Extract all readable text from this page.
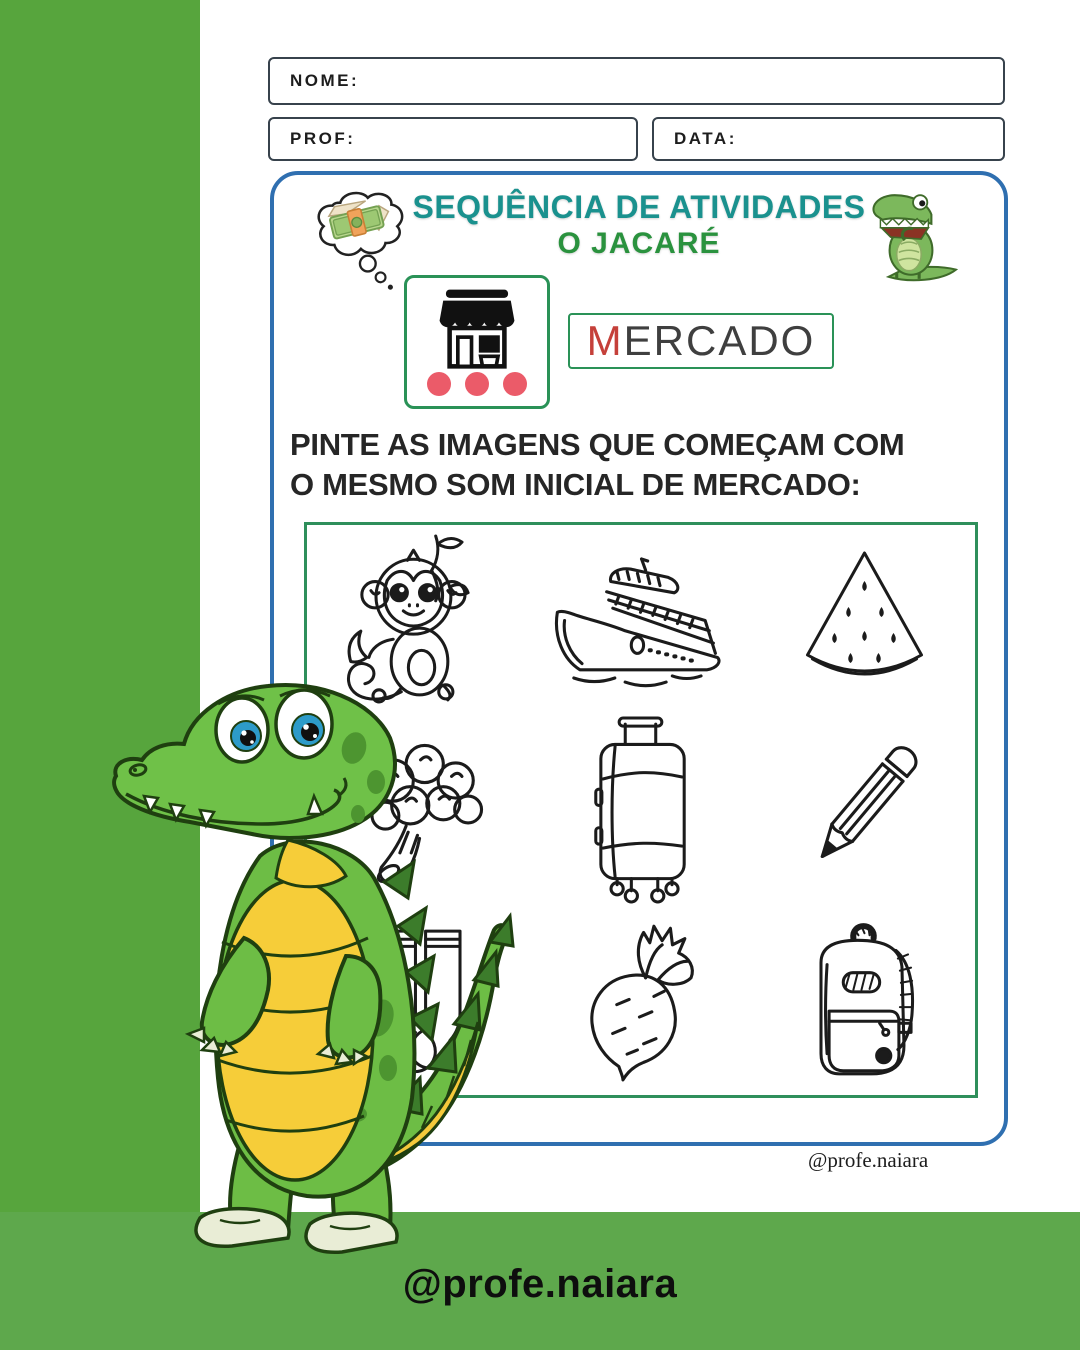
NOME:
PROF:	DATA:
SEQUÊNCIA DE ATIVIDADES
O JACARÉ
M ERCADO
PINTE AS IMAGENS QUE COMEÇAM COM O MESMO SOM INICIAL DE MERCADO:
@profe.naiara
@profe.naiara
